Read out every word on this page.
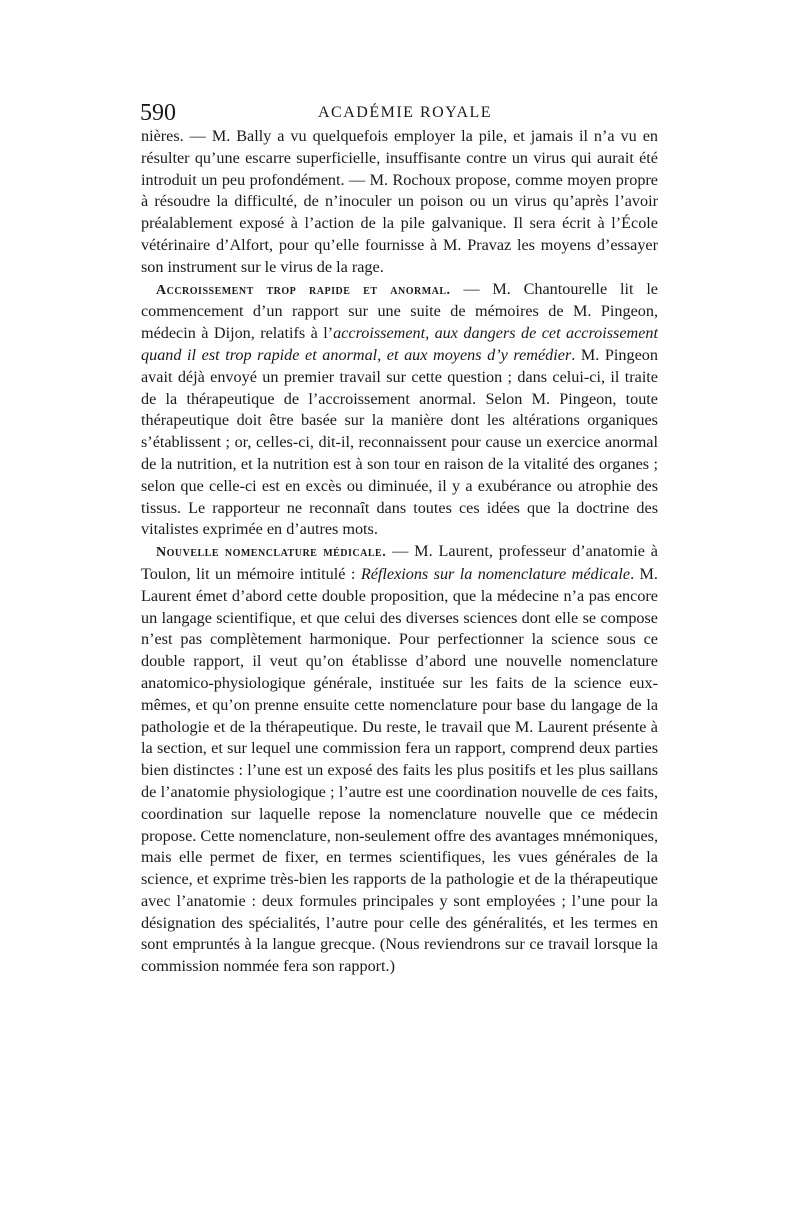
590	ACADÉMIE ROYALE

nières. — M. Bally a vu quelquefois employer la pile, et jamais il n’a vu en résulter qu’une escarre superficielle, insuffisante contre un virus qui aurait été introduit un peu profondément. — M. Rochoux propose, comme moyen propre à résoudre la difficulté, de n’inoculer un poison ou un virus qu’après l’avoir préalablement exposé à l’action de la pile galvanique. Il sera écrit à l’École vétérinaire d’Alfort, pour qu’elle fournisse à M. Pravaz les moyens d’essayer son instrument sur le virus de la rage.

Accroissement trop rapide et anormal. — M. Chantourelle lit le commencement d’un rapport sur une suite de mémoires de M. Pingeon, médecin à Dijon, relatifs à l’accroissement, aux dangers de cet accroissement quand il est trop rapide et anormal, et aux moyens d’y remédier. M. Pingeon avait déjà envoyé un premier travail sur cette question ; dans celui-ci, il traite de la thérapeutique de l’accroissement anormal. Selon M. Pingeon, toute thérapeutique doit être basée sur la manière dont les altérations organiques s’établissent ; or, celles-ci, dit-il, reconnaissent pour cause un exercice anormal de la nutrition, et la nutrition est à son tour en raison de la vitalité des organes ; selon que celle-ci est en excès ou diminuée, il y a exubérance ou atrophie des tissus. Le rapporteur ne reconnaît dans toutes ces idées que la doctrine des vitalistes exprimée en d’autres mots.

Nouvelle nomenclature médicale. — M. Laurent, professeur d’anatomie à Toulon, lit un mémoire intitulé : Réflexions sur la nomenclature médicale. M. Laurent émet d’abord cette double proposition, que la médecine n’a pas encore un langage scientifique, et que celui des diverses sciences dont elle se compose n’est pas complètement harmonique. Pour perfectionner la science sous ce double rapport, il veut qu’on établisse d’abord une nouvelle nomenclature anatomico-physiologique générale, instituée sur les faits de la science eux-mêmes, et qu’on prenne ensuite cette nomenclature pour base du langage de la pathologie et de la thérapeutique. Du reste, le travail que M. Laurent présente à la section, et sur lequel une commission fera un rapport, comprend deux parties bien distinctes : l’une est un exposé des faits les plus positifs et les plus saillans de l’anatomie physiologique ; l’autre est une coordination nouvelle de ces faits, coordination sur laquelle repose la nomenclature nouvelle que ce médecin propose. Cette nomenclature, non-seulement offre des avantages mnémoniques, mais elle permet de fixer, en termes scientifiques, les vues générales de la science, et exprime très-bien les rapports de la pathologie et de la thérapeutique avec l’anatomie : deux formules principales y sont employées ; l’une pour la désignation des spécialités, l’autre pour celle des généralités, et les termes en sont empruntés à la langue grecque. (Nous reviendrons sur ce travail lorsque la commission nommée fera son rapport.)
